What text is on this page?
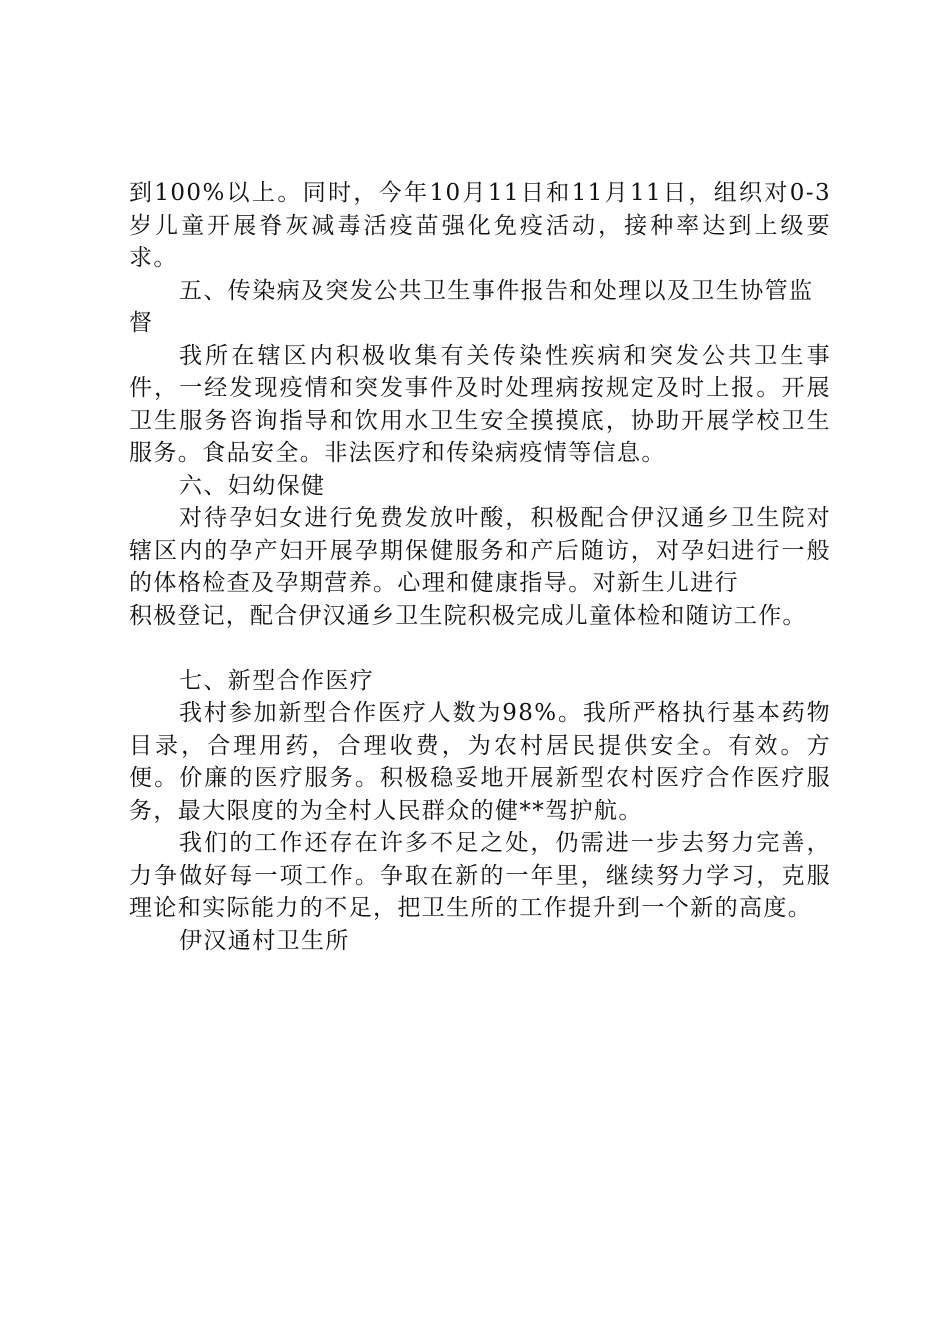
到100%以上。同时，今年10月11日和11月11日，组织对0-3岁儿童开展脊灰减毒活疫苗强化免疫活动，接种率达到上级要求。

五、传染病及突发公共卫生事件报告和处理以及卫生协管监督

我所在辖区内积极收集有关传染性疾病和突发公共卫生事件，一经发现疫情和突发事件及时处理病按规定及时上报。开展卫生服务咨询指导和饮用水卫生安全摸摸底，协助开展学校卫生服务。食品安全。非法医疗和传染病疫情等信息。

六、妇幼保健

对待孕妇女进行免费发放叶酸，积极配合伊汉通乡卫生院对辖区内的孕产妇开展孕期保健服务和产后随访，对孕妇进行一般的体格检查及孕期营养。心理和健康指导。对新生儿进行

积极登记，配合伊汉通乡卫生院积极完成儿童体检和随访工作。

七、新型合作医疗

我村参加新型合作医疗人数为98%。我所严格执行基本药物目录，合理用药，合理收费，为农村居民提供安全。有效。方便。价廉的医疗服务。积极稳妥地开展新型农村医疗合作医疗服务，最大限度的为全村人民群众的健**驾护航。

我们的工作还存在许多不足之处，仍需进一步去努力完善，力争做好每一项工作。争取在新的一年里，继续努力学习，克服理论和实际能力的不足，把卫生所的工作提升到一个新的高度。

伊汉通村卫生所
